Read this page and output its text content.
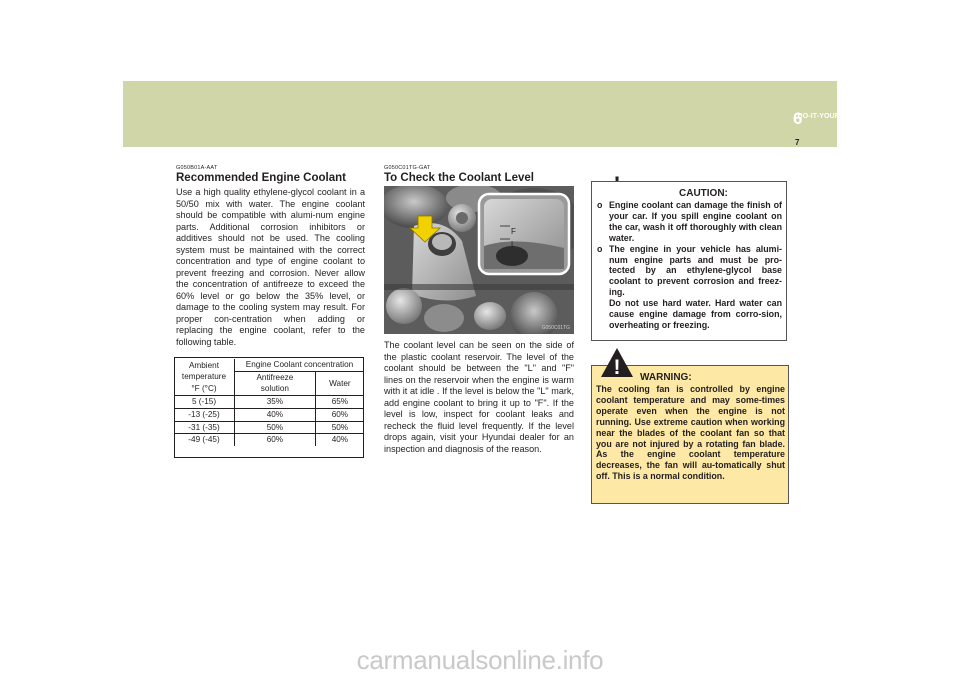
DO-IT-YOURSELF MAINTENANCE
6
7
G050B01A-AAT
Recommended Engine Coolant
Use a high quality ethylene-glycol coolant in a 50/50 mix with water. The engine coolant should be compatible with alumi-num engine parts. Additional corrosion inhibitors or additives should not be used. The cooling system must be maintained with the correct concentration and type of engine coolant to prevent freezing and corrosion. Never allow the concentration of antifreeze to exceed the 60% level or go below the 35% level, or damage to the cooling system may result. For proper con-centration when adding or replacing the engine coolant, refer to the following table.
Ambient
temperature
°F (°C)	Engine Coolant concentration	

	Antifreeze
solution	Water

5 (-15)	35%	65%
-13 (-25)	40%	60%
-31 (-35)	50%	50%
-49 (-45)	60%	40%
G050C01TG-GAT
To Check the Coolant Level
F
L
G050C01TG
The coolant level can be seen on the side of the plastic coolant reservoir. The level of the coolant should be between the "L" and "F" lines on the reservoir when the engine is warm with it at idle . If the level is below the "L" mark, add engine coolant to bring it up to "F". If the level is low, inspect for coolant leaks and recheck the fluid level frequently. If the level drops again, visit your Hyundai dealer for an inspection and diagnosis of the reason.
CAUTION:
o Engine coolant can damage the finish of your car. If you spill engine coolant on the car, wash it off thoroughly with clean water.
o The engine in your vehicle has alumi-num engine parts and must be pro-tected by an ethylene-glycol base coolant to prevent corrosion and freez-ing.
Do not use hard water. Hard water can cause engine damage from corro-sion, overheating or freezing.
WARNING:
The cooling fan is controlled by engine coolant temperature and may some-times operate even when the engine is not running. Use extreme caution when working near the blades of the coolant fan so that you are not injured by a rotating fan blade. As the engine coolant temperature decreases, the fan will au-tomatically shut off. This is a normal condition.
!
carmanualsonline.info
